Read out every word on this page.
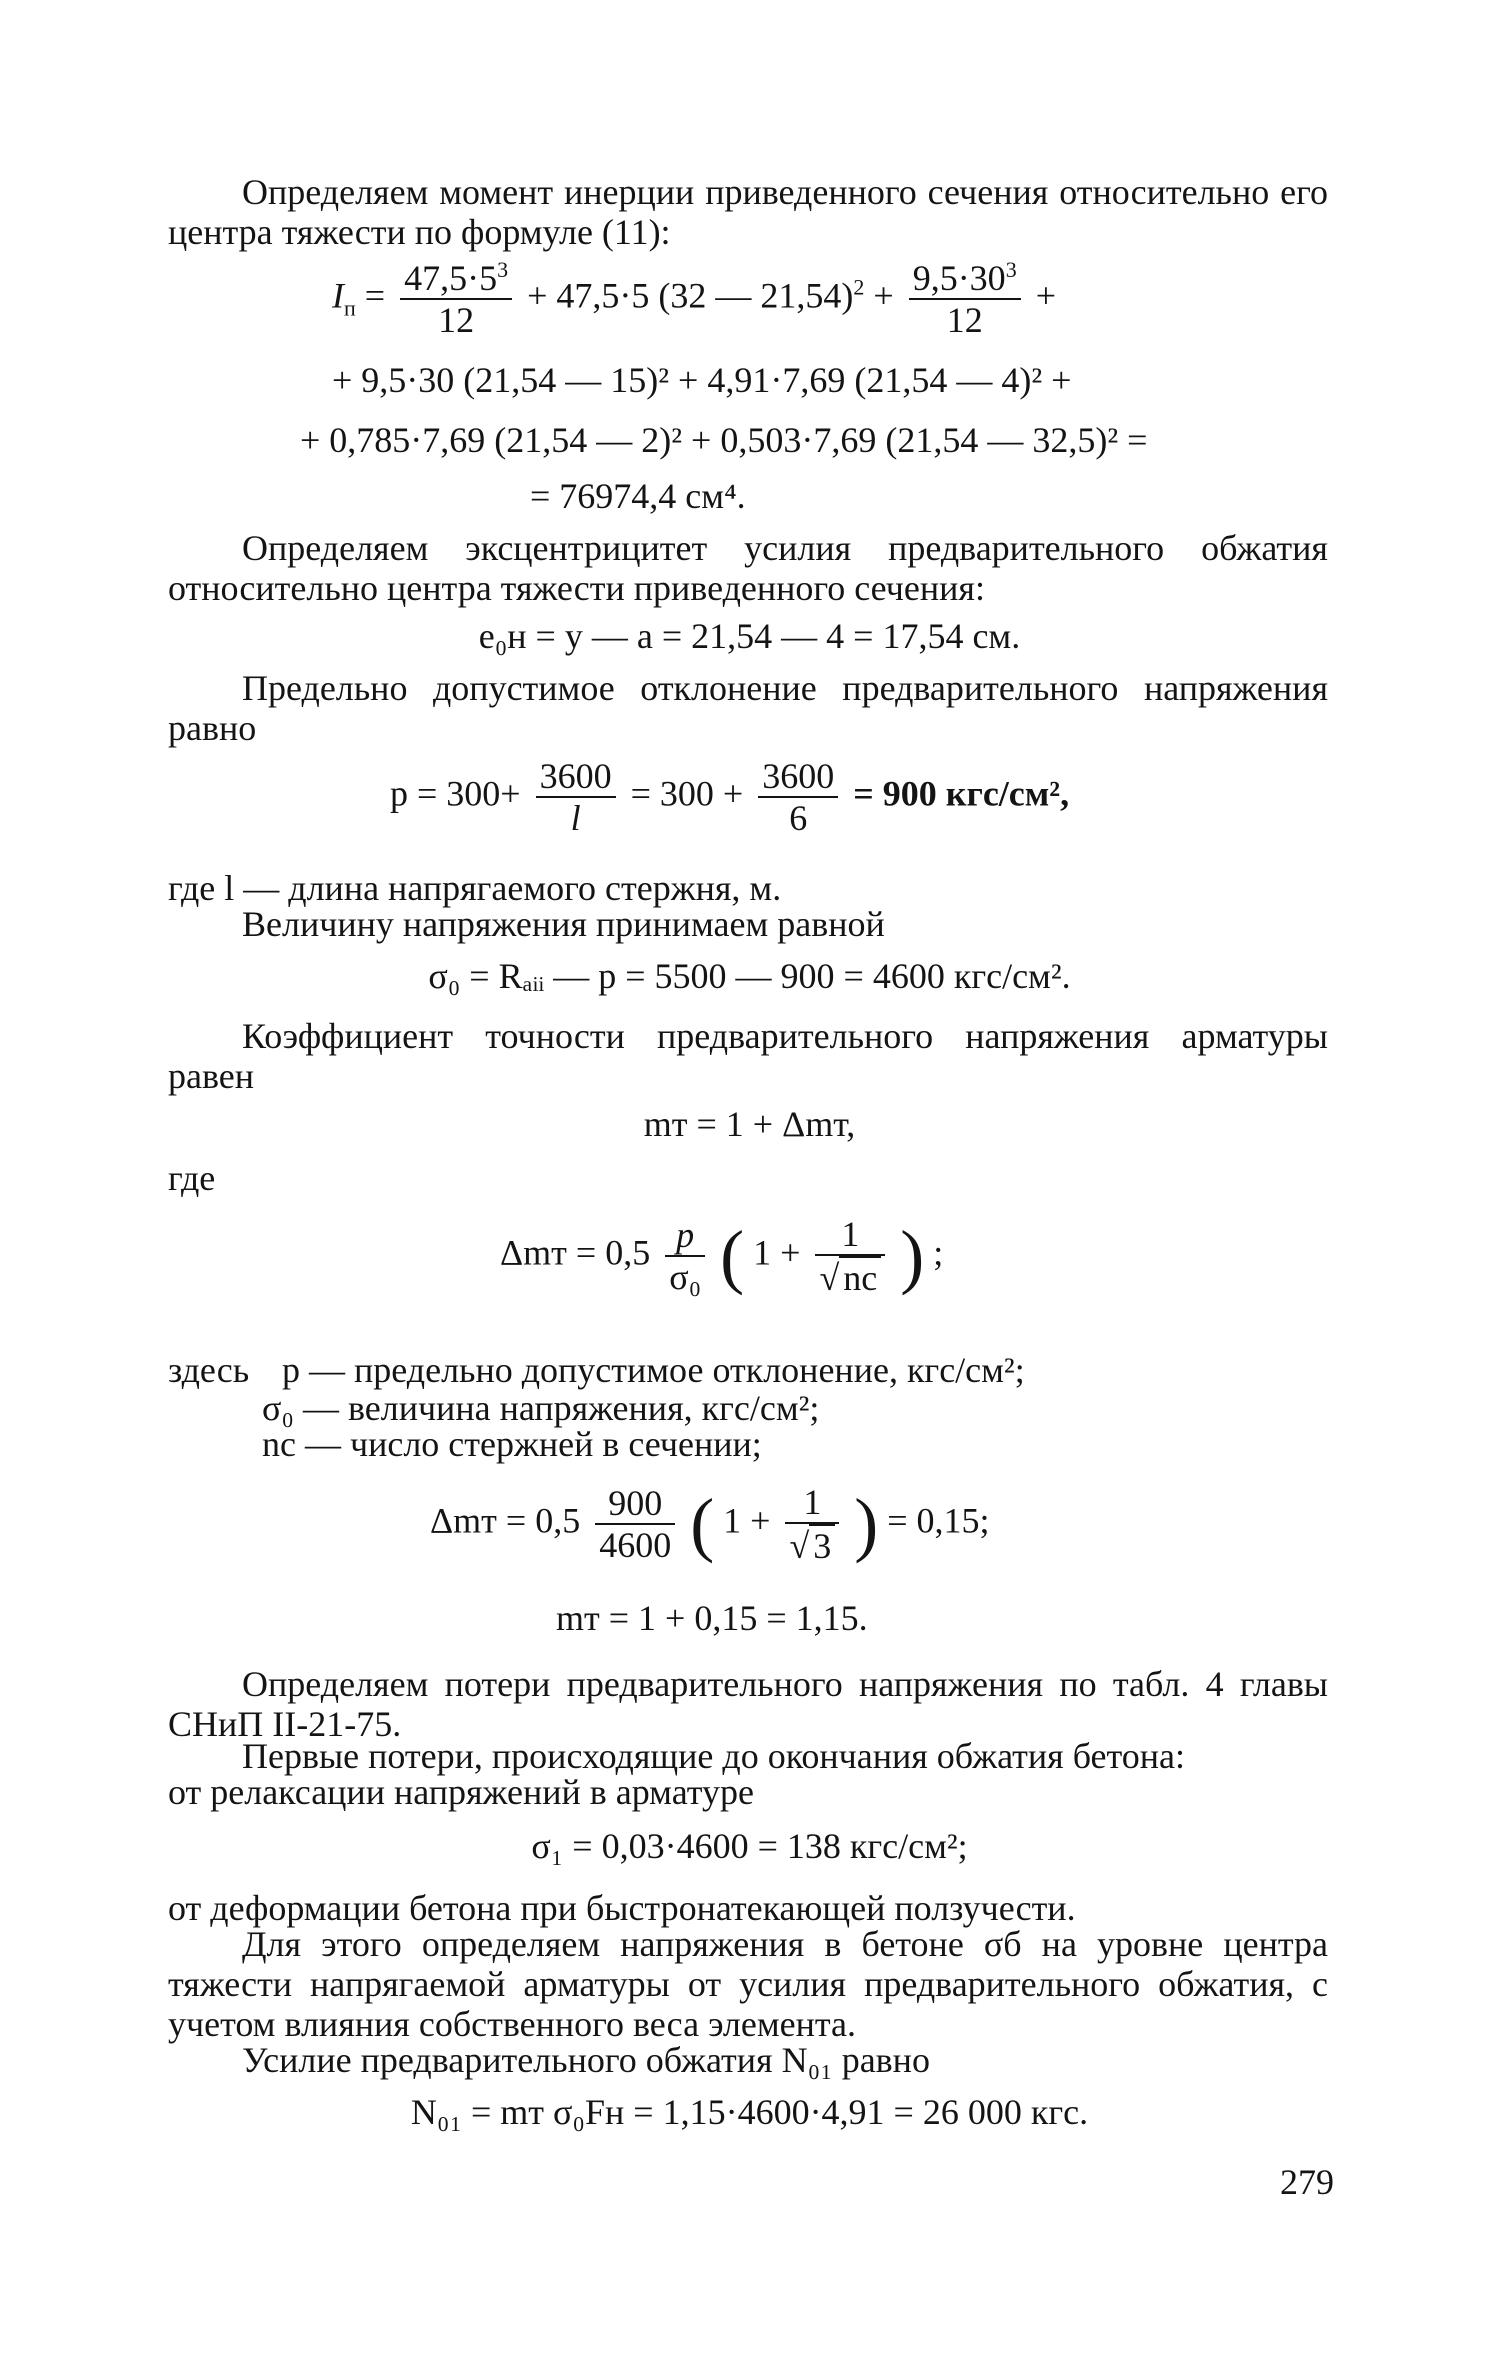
Определяем момент инерции приведенного сечения относительно его центра тяжести по формуле (11):
$I_п = \frac{47,5\cdot 5^3}{12} + 47,5\cdot 5$ (32 — $21,54)^2 + \frac{9,5\cdot 30^3}{12}$ +
+ 9,5·30 (21,54 — 15)² + 4,91·7,69 (21,54 — 4)² +
+ 0,785·7,69 (21,54 — 2)² + 0,503·7,69 (21,54 — 32,5)² =
= 76974,4 см⁴.
Определяем эксцентрицитет усилия предварительного обжатия относительно центра тяжести приведенного сечения:
e₀н = y — a = 21,54 — 4 = 17,54 см.
Предельно допустимое отклонение предварительного напряжения равно
$p = 300+ \frac{3600}{l} = 300 + \frac{3600}{6} = 900$ кгс/см²,
где l — длина напрягаемого стержня, м.
Величину напряжения принимаем равной
σ₀ = Rₐᵢᵢ — p = 5500 — 900 = 4600 кгс/см².
Коэффициент точности предварительного напряжения арматуры равен
mт = 1 + Δmт,
где
$\Delta mт = 0,5 \frac{p}{\text{σ₀}}$ ( $1 + \frac{1}{√ nc}$ ) ;
здесь p — предельно допустимое отклонение, кгс/см²;
σ₀ — величина напряжения, кгс/см²;
nc — число стержней в сечении;
$\Delta mт = 0,5 \frac{900}{4600}$ ( $1 + \frac{1}{√ 3}$ ) = 0,15;
mт = 1 + 0,15 = 1,15.
Определяем потери предварительного напряжения по табл. 4 главы СНиП II-21-75.
Первые потери, происходящие до окончания обжатия бетона:
от релаксации напряжений в арматуре
σ₁ = 0,03·4600 = 138 кгс/см²;
от деформации бетона при быстронатекающей ползучести.
Для этого определяем напряжения в бетоне σб на уровне центра тяжести напрягаемой арматуры от усилия предварительного обжатия, с учетом влияния собственного веса элемента.
Усилие предварительного обжатия N₀₁ равно
N₀₁ = mт σ₀Fн = 1,15·4600·4,91 = 26 000 кгс.
279
